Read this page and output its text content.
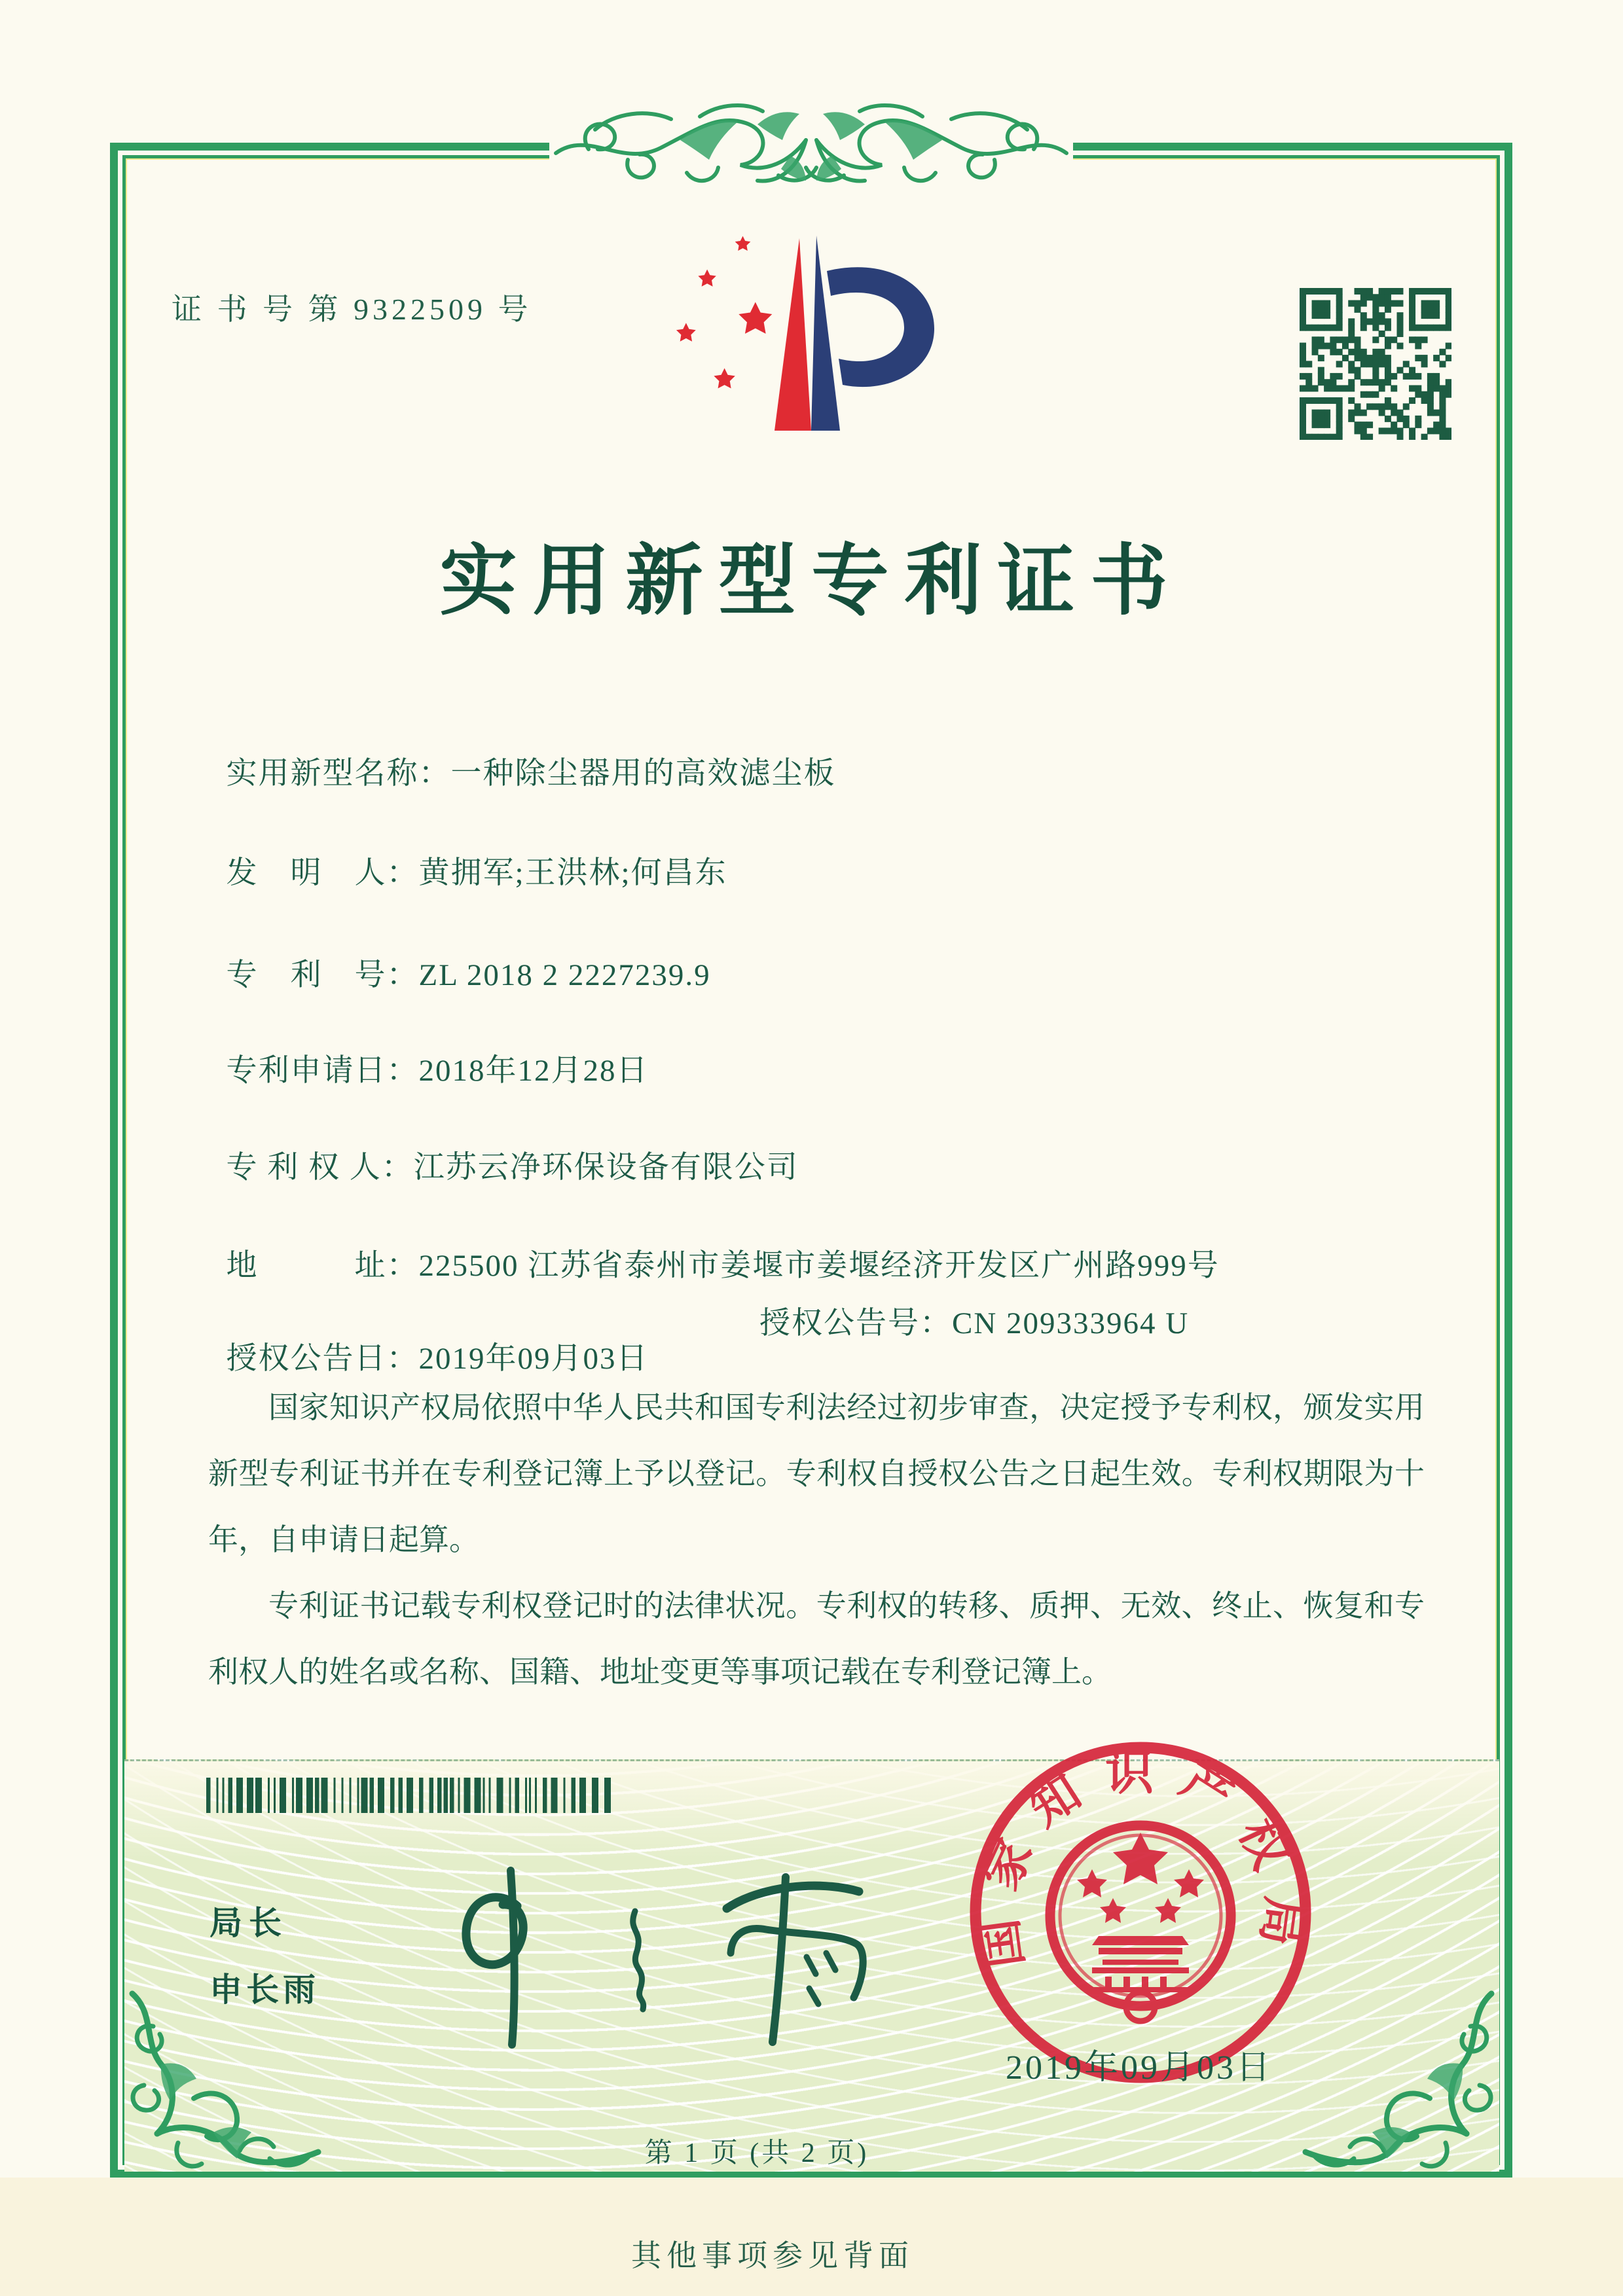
证 书 号 第 9322509 号
实用新型专利证书

实用新型名称：一种除尘器用的高效滤尘板

发　明　人：黄拥军;王洪林;何昌东

专　利　号：ZL 2018 2 2227239.9

专利申请日：2018年12月28日

专 利 权 人：江苏云净环保设备有限公司

地　　　址：225500 江苏省泰州市姜堰市姜堰经济开发区广州路999号

授权公告日：2019年09月03日

授权公告号：CN 209333964 U

国家知识产权局依照中华人民共和国专利法经过初步审查，决定授予专利权，颁发实用新型专利证书并在专利登记簿上予以登记。专利权自授权公告之日起生效。专利权期限为十年，自申请日起算。

专利证书记载专利权登记时的法律状况。专利权的转移、质押、无效、终止、恢复和专利权人的姓名或名称、国籍、地址变更等事项记载在专利登记簿上。

局长
申长雨
国家知识产权局
2019年09月03日
第 1 页 (共 2 页)
其他事项参见背面
